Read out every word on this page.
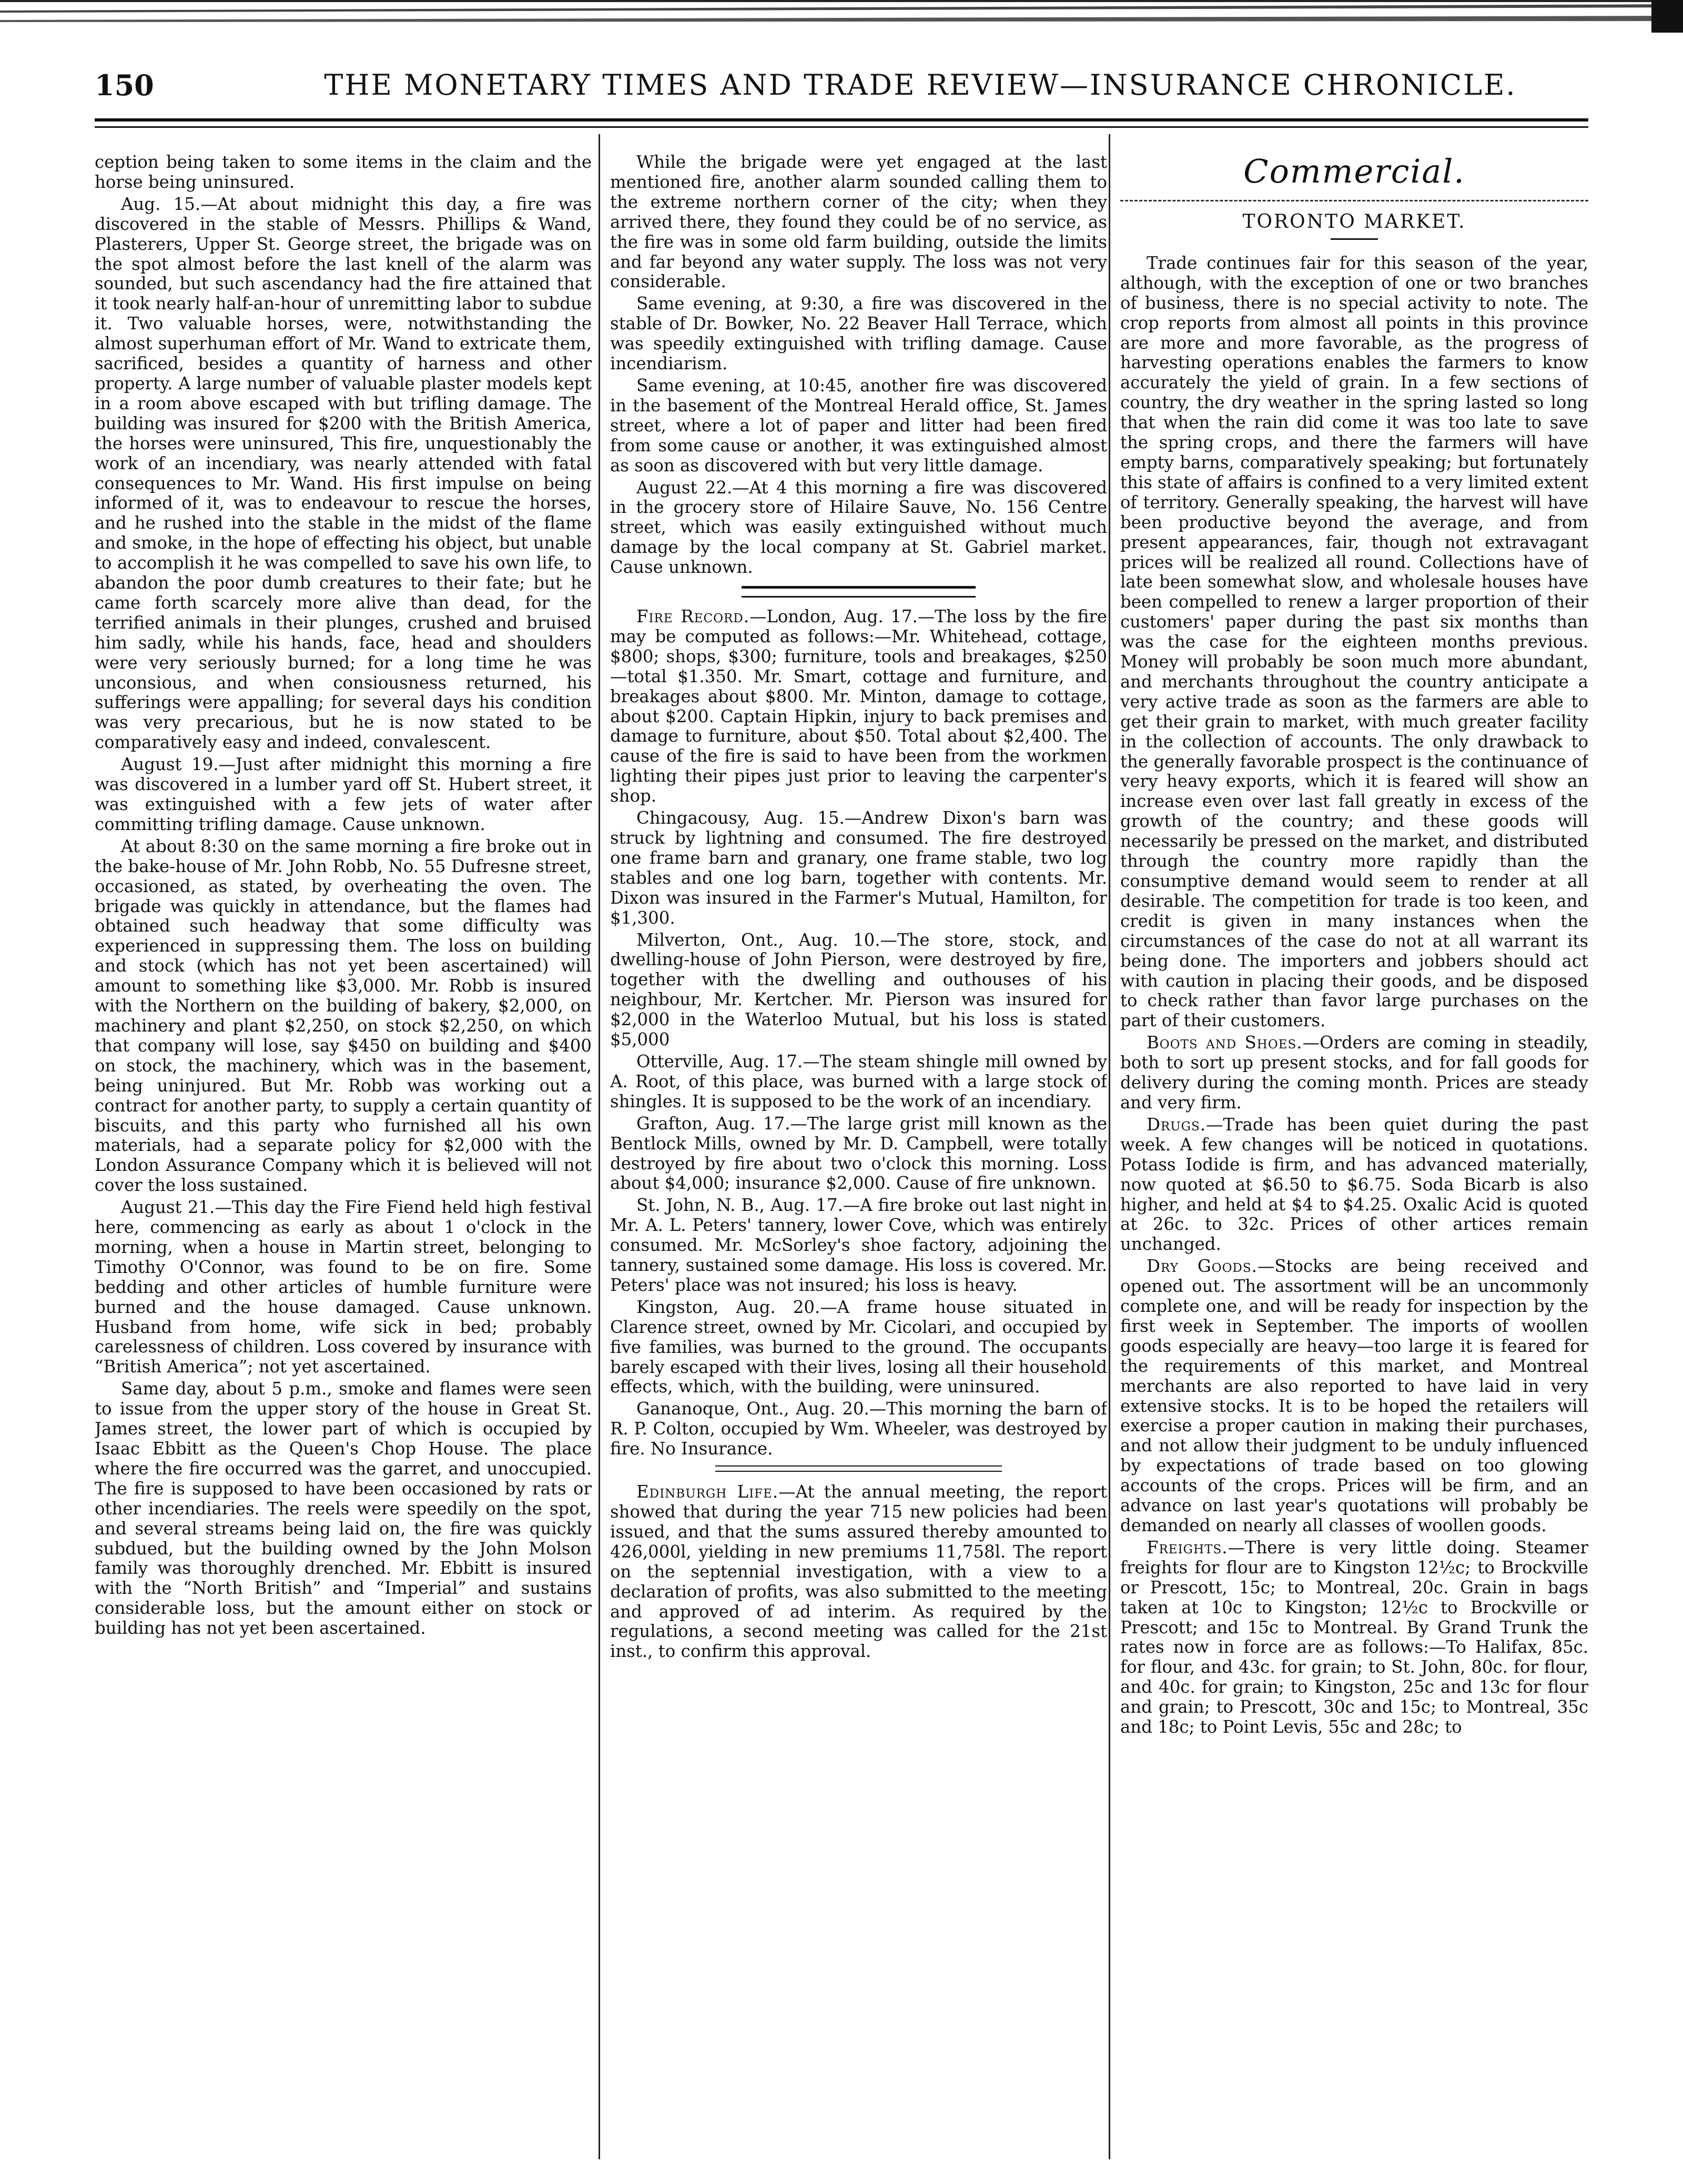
150	THE MONETARY TIMES AND TRADE REVIEW—INSURANCE CHRONICLE.

ception being taken to some items in the claim and the horse being uninsured.

Aug. 15.—At about midnight this day, a fire was discovered in the stable of Messrs. Phillips & Wand, Plasterers, Upper St. George street, the brigade was on the spot almost before the last knell of the alarm was sounded, but such ascendancy had the fire attained that it took nearly half-an-hour of unremitting labor to subdue it. Two valuable horses, were, notwithstanding the almost superhuman effort of Mr. Wand to extricate them, sacrificed, besides a quantity of harness and other property. A large number of valuable plaster models kept in a room above escaped with but trifling damage. The building was insured for $200 with the British America, the horses were uninsured, This fire, unquestionably the work of an incendiary, was nearly attended with fatal consequences to Mr. Wand. His first impulse on being informed of it, was to endeavour to rescue the horses, and he rushed into the stable in the midst of the flame and smoke, in the hope of effecting his object, but unable to accomplish it he was compelled to save his own life, to abandon the poor dumb creatures to their fate; but he came forth scarcely more alive than dead, for the terrified animals in their plunges, crushed and bruised him sadly, while his hands, face, head and shoulders were very seriously burned; for a long time he was unconsious, and when consiousness returned, his sufferings were appalling; for several days his condition was very precarious, but he is now stated to be comparatively easy and indeed, convalescent.

August 19.—Just after midnight this morning a fire was discovered in a lumber yard off St. Hubert street, it was extinguished with a few jets of water after committing trifling damage. Cause unknown.

At about 8:30 on the same morning a fire broke out in the bake-house of Mr. John Robb, No. 55 Dufresne street, occasioned, as stated, by overheating the oven. The brigade was quickly in attendance, but the flames had obtained such headway that some difficulty was experienced in suppressing them. The loss on building and stock (which has not yet been ascertained) will amount to something like $3,000. Mr. Robb is insured with the Northern on the building of bakery, $2,000, on machinery and plant $2,250, on stock $2,250, on which that company will lose, say $450 on building and $400 on stock, the machinery, which was in the basement, being uninjured. But Mr. Robb was working out a contract for another party, to supply a certain quantity of biscuits, and this party who furnished all his own materials, had a separate policy for $2,000 with the London Assurance Company which it is believed will not cover the loss sustained.

August 21.—This day the Fire Fiend held high festival here, commencing as early as about 1 o'clock in the morning, when a house in Martin street, belonging to Timothy O'Connor, was found to be on fire. Some bedding and other articles of humble furniture were burned and the house damaged. Cause unknown. Husband from home, wife sick in bed; probably carelessness of children. Loss covered by insurance with “British America”; not yet ascertained.

Same day, about 5 p.m., smoke and flames were seen to issue from the upper story of the house in Great St. James street, the lower part of which is occupied by Isaac Ebbitt as the Queen's Chop House. The place where the fire occurred was the garret, and unoccupied. The fire is supposed to have been occasioned by rats or other incendiaries. The reels were speedily on the spot, and several streams being laid on, the fire was quickly subdued, but the building owned by the John Molson family was thoroughly drenched. Mr. Ebbitt is insured with the “North British” and “Imperial” and sustains considerable loss, but the amount either on stock or building has not yet been ascertained.

While the brigade were yet engaged at the last mentioned fire, another alarm sounded calling them to the extreme northern corner of the city; when they arrived there, they found they could be of no service, as the fire was in some old farm building, outside the limits and far beyond any water supply. The loss was not very considerable.

Same evening, at 9:30, a fire was discovered in the stable of Dr. Bowker, No. 22 Beaver Hall Terrace, which was speedily extinguished with trifling damage. Cause incendiarism.

Same evening, at 10:45, another fire was discovered in the basement of the Montreal Herald office, St. James street, where a lot of paper and litter had been fired from some cause or another, it was extinguished almost as soon as discovered with but very little damage.

August 22.—At 4 this morning a fire was discovered in the grocery store of Hilaire Sauve, No. 156 Centre street, which was easily extinguished without much damage by the local company at St. Gabriel market. Cause unknown.

Fire Record.—London, Aug. 17.—The loss by the fire may be computed as follows:—Mr. Whitehead, cottage, $800; shops, $300; furniture, tools and breakages, $250—total $1.350. Mr. Smart, cottage and furniture, and breakages about $800. Mr. Minton, damage to cottage, about $200. Captain Hipkin, injury to back premises and damage to furniture, about $50. Total about $2,400. The cause of the fire is said to have been from the workmen lighting their pipes just prior to leaving the carpenter's shop.

Chingacousy, Aug. 15.—Andrew Dixon's barn was struck by lightning and consumed. The fire destroyed one frame barn and granary, one frame stable, two log stables and one log barn, together with contents. Mr. Dixon was insured in the Farmer's Mutual, Hamilton, for $1,300.

Milverton, Ont., Aug. 10.—The store, stock, and dwelling-house of John Pierson, were destroyed by fire, together with the dwelling and outhouses of his neighbour, Mr. Kertcher. Mr. Pierson was insured for $2,000 in the Waterloo Mutual, but his loss is stated $5,000

Otterville, Aug. 17.—The steam shingle mill owned by A. Root, of this place, was burned with a large stock of shingles. It is supposed to be the work of an incendiary.

Grafton, Aug. 17.—The large grist mill known as the Bentlock Mills, owned by Mr. D. Campbell, were totally destroyed by fire about two o'clock this morning. Loss about $4,000; insurance $2,000. Cause of fire unknown.

St. John, N. B., Aug. 17.—A fire broke out last night in Mr. A. L. Peters' tannery, lower Cove, which was entirely consumed. Mr. McSorley's shoe factory, adjoining the tannery, sustained some damage. His loss is covered. Mr. Peters' place was not insured; his loss is heavy.

Kingston, Aug. 20.—A frame house situated in Clarence street, owned by Mr. Cicolari, and occupied by five families, was burned to the ground. The occupants barely escaped with their lives, losing all their household effects, which, with the building, were uninsured.

Gananoque, Ont., Aug. 20.—This morning the barn of R. P. Colton, occupied by Wm. Wheeler, was destroyed by fire. No Insurance.

Edinburgh Life.—At the annual meeting, the report showed that during the year 715 new policies had been issued, and that the sums assured thereby amounted to 426,000l, yielding in new premiums 11,758l. The report on the septennial investigation, with a view to a declaration of profits, was also submitted to the meeting and approved of ad interim. As required by the regulations, a second meeting was called for the 21st inst., to confirm this approval.

Commercial.
TORONTO MARKET.

Trade continues fair for this season of the year, although, with the exception of one or two branches of business, there is no special activity to note. The crop reports from almost all points in this province are more and more favorable, as the progress of harvesting operations enables the farmers to know accurately the yield of grain. In a few sections of country, the dry weather in the spring lasted so long that when the rain did come it was too late to save the spring crops, and there the farmers will have empty barns, comparatively speaking; but fortunately this state of affairs is confined to a very limited extent of territory. Generally speaking, the harvest will have been productive beyond the average, and from present appearances, fair, though not extravagant prices will be realized all round. Collections have of late been somewhat slow, and wholesale houses have been compelled to renew a larger proportion of their customers' paper during the past six months than was the case for the eighteen months previous. Money will probably be soon much more abundant, and merchants throughout the country anticipate a very active trade as soon as the farmers are able to get their grain to market, with much greater facility in the collection of accounts. The only drawback to the generally favorable prospect is the continuance of very heavy exports, which it is feared will show an increase even over last fall greatly in excess of the growth of the country; and these goods will necessarily be pressed on the market, and distributed through the country more rapidly than the consumptive demand would seem to render at all desirable. The competition for trade is too keen, and credit is given in many instances when the circumstances of the case do not at all warrant its being done. The importers and jobbers should act with caution in placing their goods, and be disposed to check rather than favor large purchases on the part of their customers.

Boots and Shoes.—Orders are coming in steadily, both to sort up present stocks, and for fall goods for delivery during the coming month. Prices are steady and very firm.

Drugs.—Trade has been quiet during the past week. A few changes will be noticed in quotations. Potass Iodide is firm, and has advanced materially, now quoted at $6.50 to $6.75. Soda Bicarb is also higher, and held at $4 to $4.25. Oxalic Acid is quoted at 26c. to 32c. Prices of other artices remain unchanged.

Dry Goods.—Stocks are being received and opened out. The assortment will be an uncommonly complete one, and will be ready for inspection by the first week in September. The imports of woollen goods especially are heavy—too large it is feared for the requirements of this market, and Montreal merchants are also reported to have laid in very extensive stocks. It is to be hoped the retailers will exercise a proper caution in making their purchases, and not allow their judgment to be unduly influenced by expectations of trade based on too glowing accounts of the crops. Prices will be firm, and an advance on last year's quotations will probably be demanded on nearly all classes of woollen goods.

Freights.—There is very little doing. Steamer freights for flour are to Kingston 12½c; to Brockville or Prescott, 15c; to Montreal, 20c. Grain in bags taken at 10c to Kingston; 12½c to Brockville or Prescott; and 15c to Montreal. By Grand Trunk the rates now in force are as follows:—To Halifax, 85c. for flour, and 43c. for grain; to St. John, 80c. for flour, and 40c. for grain; to Kingston, 25c and 13c for flour and grain; to Prescott, 30c and 15c; to Montreal, 35c and 18c; to Point Levis, 55c and 28c; to
